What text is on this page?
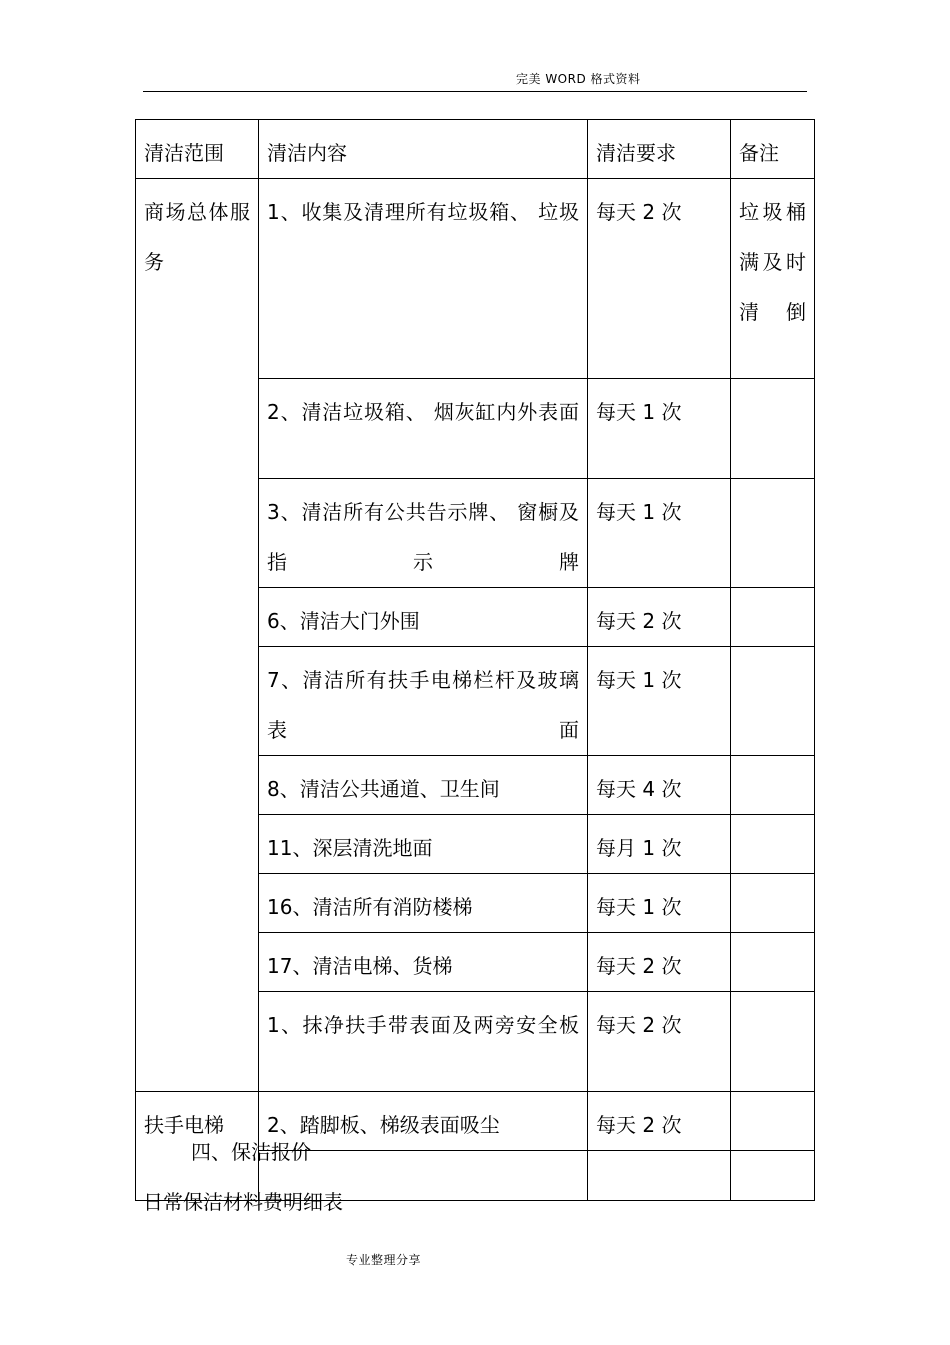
完美 WORD 格式资料
清洁范围	清洁内容	清洁要求	备注
商场总体服务	1、收集及清理所有垃圾箱、 垃圾	每天 2 次	垃圾桶满及时清倒
	2、清洁垃圾箱、 烟灰缸内外表面	每天 1 次	
	3、清洁所有公共告示牌、 窗橱及指示牌	每天 1 次	
	6、清洁大门外围	每天 2 次	
	7、清洁所有扶手电梯栏杆及玻璃表面	每天 1 次	
	8、清洁公共通道、卫生间	每天 4 次	
	11、深层清洗地面	每月 1 次	
	16、清洁所有消防楼梯	每天 1 次	
	17、清洁电梯、货梯	每天 2 次	
	1、抹净扶手带表面及两旁安全板	每天 2 次	
扶手电梯	2、踏脚板、梯级表面吸尘	每天 2 次	

四、保洁报价
日常保洁材料费明细表
专业整理分享
